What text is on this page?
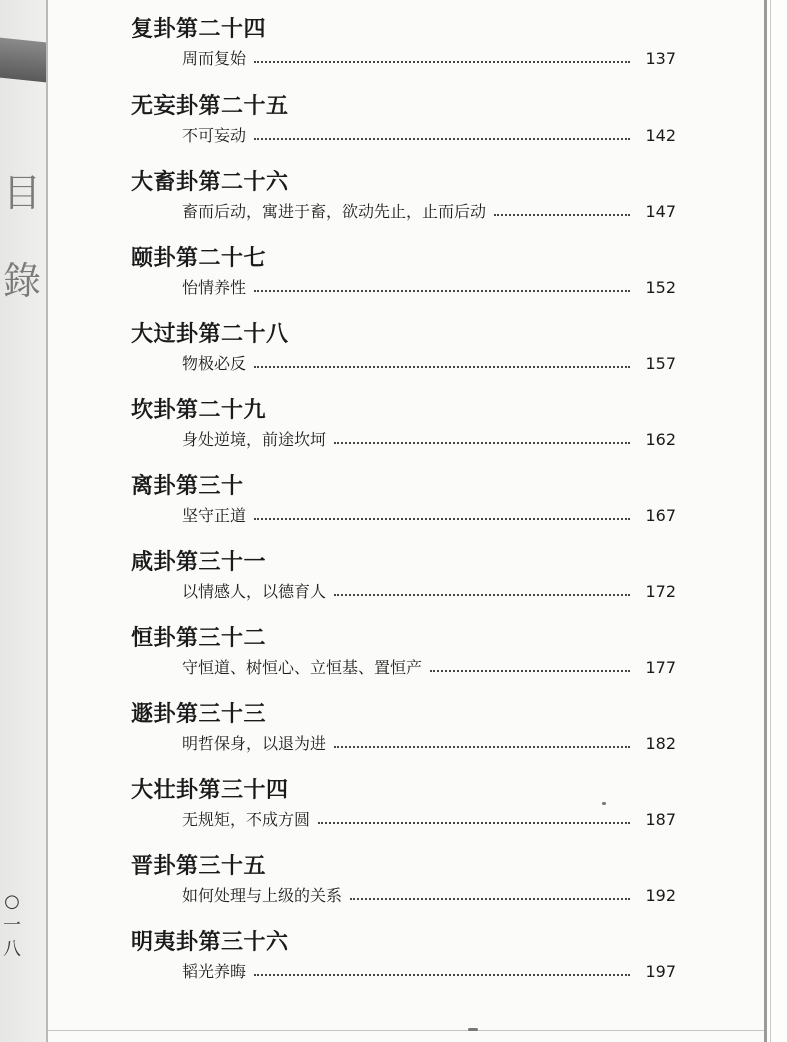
目
錄
○
一
八
复卦第二十四
周而复始	137
无妄卦第二十五
不可妄动	142
大畜卦第二十六
畜而后动，寓进于畜，欲动先止，止而后动	147
颐卦第二十七
怡情养性	152
大过卦第二十八
物极必反	157
坎卦第二十九
身处逆境，前途坎坷	162
离卦第三十
坚守正道	167
咸卦第三十一
以情感人，以德育人	172
恒卦第三十二
守恒道、树恒心、立恒基、置恒产	177
遯卦第三十三
明哲保身，以退为进	182
大壮卦第三十四
无规矩，不成方圆	187
晋卦第三十五
如何处理与上级的关系	192
明夷卦第三十六
韬光养晦	197
